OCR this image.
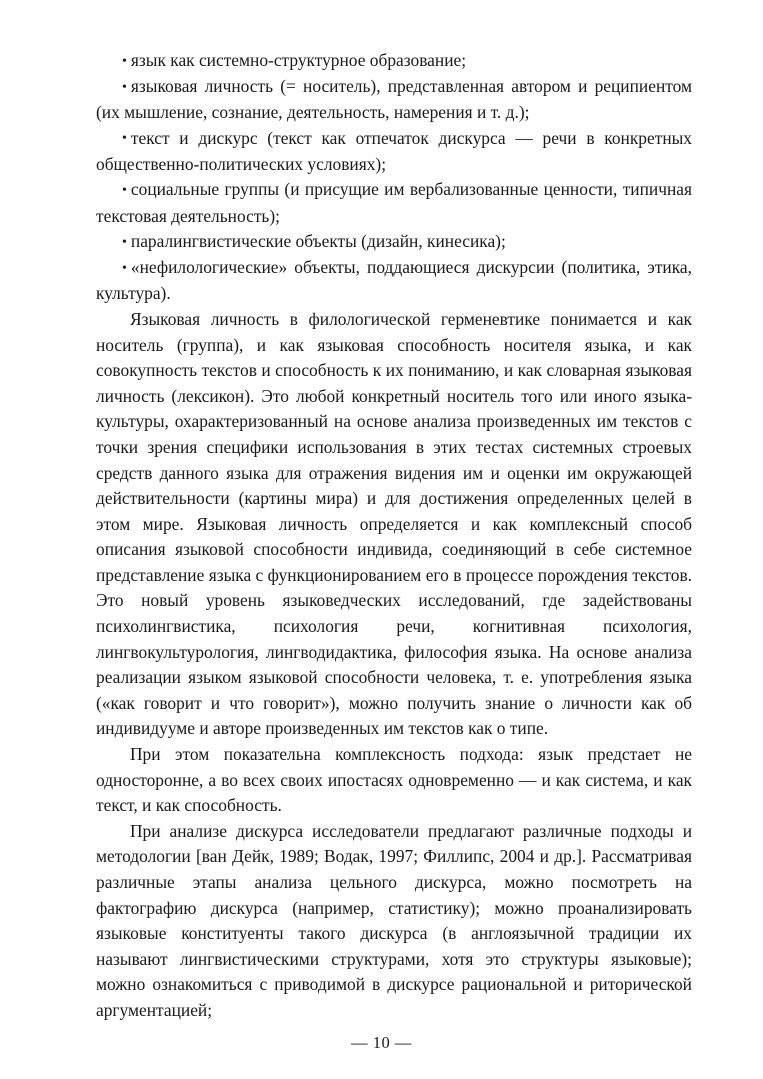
• язык как системно-структурное образование;
• языковая личность (= носитель), представленная автором и реципиентом (их мышление, сознание, деятельность, намерения и т. д.);
• текст и дискурс (текст как отпечаток дискурса — речи в конкретных общественно-политических условиях);
• социальные группы (и присущие им вербализованные ценности, типичная текстовая деятельность);
• паралингвистические объекты (дизайн, кинесика);
• «нефилологические» объекты, поддающиеся дискурсии (политика, этика, культура).

Языковая личность в филологической герменевтике понимается и как носитель (группа), и как языковая способность носителя языка, и как совокупность текстов и способность к их пониманию, и как словарная языковая личность (лексикон). Это любой конкретный носитель того или иного языка-культуры, охарактеризованный на основе анализа произведенных им текстов с точки зрения специфики использования в этих тестах системных строевых средств данного языка для отражения видения им и оценки им окружающей действительности (картины мира) и для достижения определенных целей в этом мире. Языковая личность определяется и как комплексный способ описания языковой способности индивида, соединяющий в себе системное представление языка с функционированием его в процессе порождения текстов. Это новый уровень языковедческих исследований, где задействованы психолингвистика, психология речи, когнитивная психология, лингвокультурология, лингводидактика, философия языка. На основе анализа реализации языком языковой способности человека, т. е. употребления языка («как говорит и что говорит»), можно получить знание о личности как об индивидууме и авторе произведенных им текстов как о типе.

При этом показательна комплексность подхода: язык предстает не односторонне, а во всех своих ипостасях одновременно — и как система, и как текст, и как способность.

При анализе дискурса исследователи предлагают различные подходы и методологии [ван Дейк, 1989; Водак, 1997; Филлипс, 2004 и др.]. Рассматривая различные этапы анализа цельного дискурса, можно посмотреть на фактографию дискурса (например, статистику); можно проанализировать языковые конституенты такого дискурса (в англоязычной традиции их называют лингвистическими структурами, хотя это структуры языковые); можно ознакомиться с приводимой в дискурсе рациональной и риторической аргументацией;

— 10 —
